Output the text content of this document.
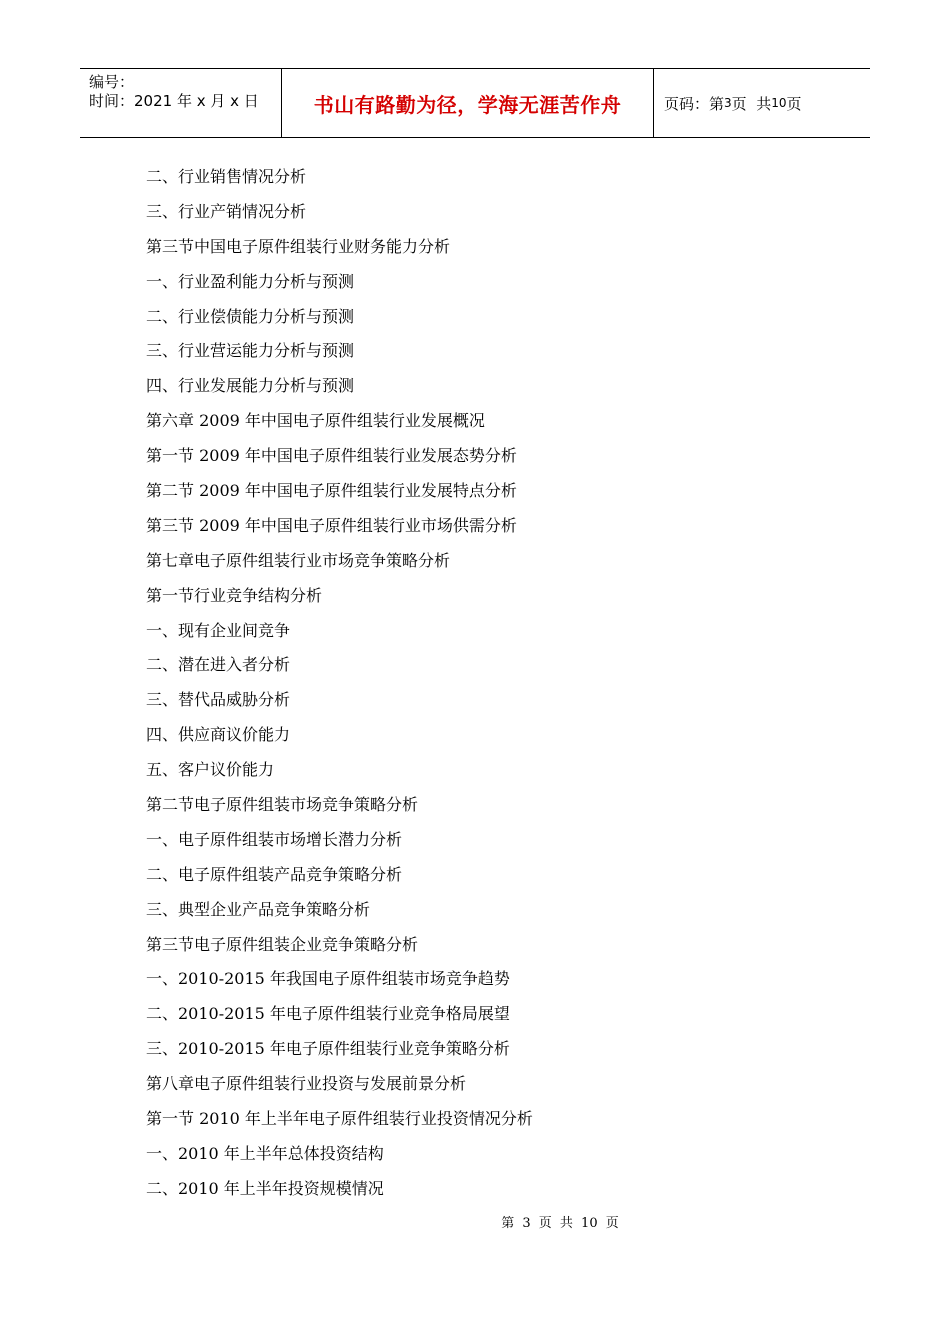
编号：
时间：2021 年 x 月 x 日	书山有路勤为径，学海无涯苦作舟	页码： 第 3 页  共 10 页
二、行业销售情况分析
三、行业产销情况分析
第三节中国电子原件组装行业财务能力分析
一、行业盈利能力分析与预测
二、行业偿债能力分析与预测
三、行业营运能力分析与预测
四、行业发展能力分析与预测
第六章 2009 年中国电子原件组装行业发展概况
第一节 2009 年中国电子原件组装行业发展态势分析
第二节 2009 年中国电子原件组装行业发展特点分析
第三节 2009 年中国电子原件组装行业市场供需分析
第七章电子原件组装行业市场竞争策略分析
第一节行业竞争结构分析
一、现有企业间竞争
二、潜在进入者分析
三、替代品威胁分析
四、供应商议价能力
五、客户议价能力
第二节电子原件组装市场竞争策略分析
一、电子原件组装市场增长潜力分析
二、电子原件组装产品竞争策略分析
三、典型企业产品竞争策略分析
第三节电子原件组装企业竞争策略分析
一、2010-2015 年我国电子原件组装市场竞争趋势
二、2010-2015 年电子原件组装行业竞争格局展望
三、2010-2015 年电子原件组装行业竞争策略分析
第八章电子原件组装行业投资与发展前景分析
第一节 2010 年上半年电子原件组装行业投资情况分析
一、2010 年上半年总体投资结构
二、2010 年上半年投资规模情况
第 3 页 共 10 页
